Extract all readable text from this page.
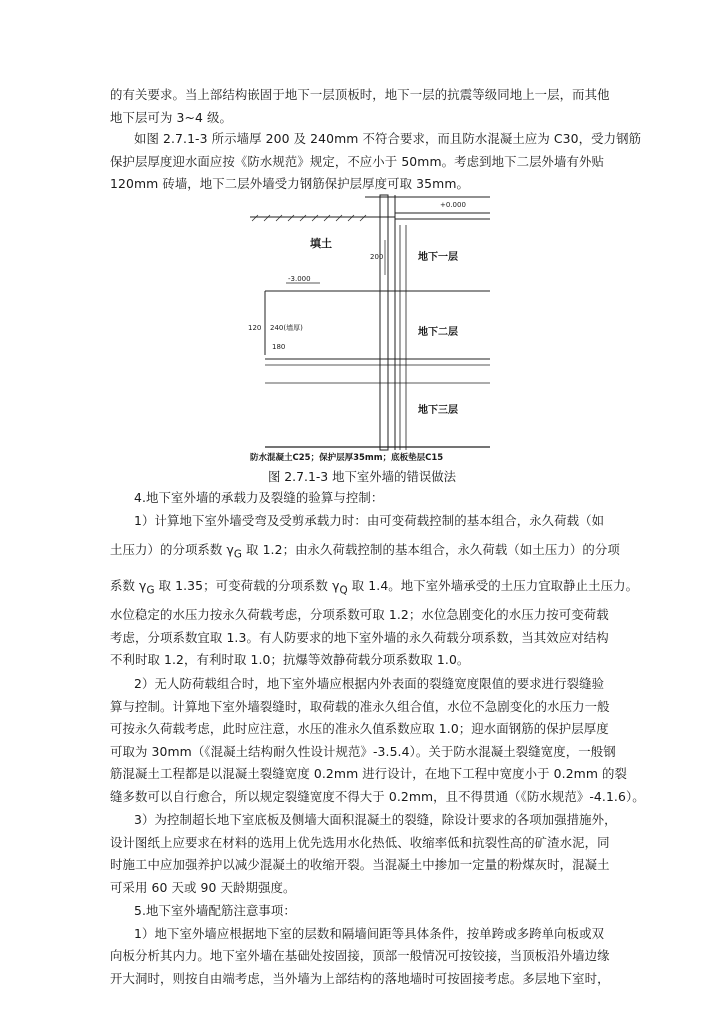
的有关要求。当上部结构嵌固于地下一层顶板时，地下一层的抗震等级同地上一层，而其他
地下层可为 3~4 级。
如图 2.7.1-3 所示墙厚 200 及 240mm 不符合要求，而且防水混凝土应为 C30，受力钢筋
保护层厚度迎水面应按《防水规范》规定，不应小于 50mm。考虑到地下二层外墙有外贴
120mm 砖墙，地下二层外墙受力钢筋保护层厚度可取 35mm。
填土
地下一层
地下二层
地下三层
+0.000
-3.000
200
120 240(墙厚)
180
防水混凝土C25；保护层厚35mm；底板垫层C15
图 2.7.1-3 地下室外墙的错误做法
4.地下室外墙的承载力及裂缝的验算与控制：
1）计算地下室外墙受弯及受剪承载力时：由可变荷载控制的基本组合，永久荷载（如
土压力）的分项系数 $\gamma_G$ 取 1.2；由永久荷载控制的基本组合，永久荷载（如土压力）的分项
系数 $\gamma_G$ 取 1.35；可变荷载的分项系数 $\gamma_Q$ 取 1.4。地下室外墙承受的土压力宜取静止土压力。
水位稳定的水压力按永久荷载考虑，分项系数可取 1.2；水位急剧变化的水压力按可变荷载
考虑，分项系数宜取 1.3。有人防要求的地下室外墙的永久荷载分项系数，当其效应对结构
不利时取 1.2，有利时取 1.0；抗爆等效静荷载分项系数取 1.0。
2）无人防荷载组合时，地下室外墙应根据内外表面的裂缝宽度限值的要求进行裂缝验
算与控制。计算地下室外墙裂缝时，取荷载的准永久组合值，水位不急剧变化的水压力一般
可按永久荷载考虑，此时应注意，水压的准永久值系数应取 1.0；迎水面钢筋的保护层厚度
可取为 30mm（《混凝土结构耐久性设计规范》-3.5.4）。关于防水混凝土裂缝宽度，一般钢
筋混凝土工程都是以混凝土裂缝宽度 0.2mm 进行设计，在地下工程中宽度小于 0.2mm 的裂
缝多数可以自行愈合，所以规定裂缝宽度不得大于 0.2mm，且不得贯通（《防水规范》-4.1.6）。
3）为控制超长地下室底板及侧墙大面积混凝土的裂缝，除设计要求的各项加强措施外，
设计图纸上应要求在材料的选用上优先选用水化热低、收缩率低和抗裂性高的矿渣水泥，同
时施工中应加强养护以减少混凝土的收缩开裂。当混凝土中掺加一定量的粉煤灰时，混凝土
可采用 60 天或 90 天龄期强度。
5.地下室外墙配筋注意事项：
1）地下室外墙应根据地下室的层数和隔墙间距等具体条件，按单跨或多跨单向板或双
向板分析其内力。地下室外墙在基础处按固接，顶部一般情况可按铰接，当顶板沿外墙边缘
开大洞时，则按自由端考虑，当外墙为上部结构的落地墙时可按固接考虑。多层地下室时，
